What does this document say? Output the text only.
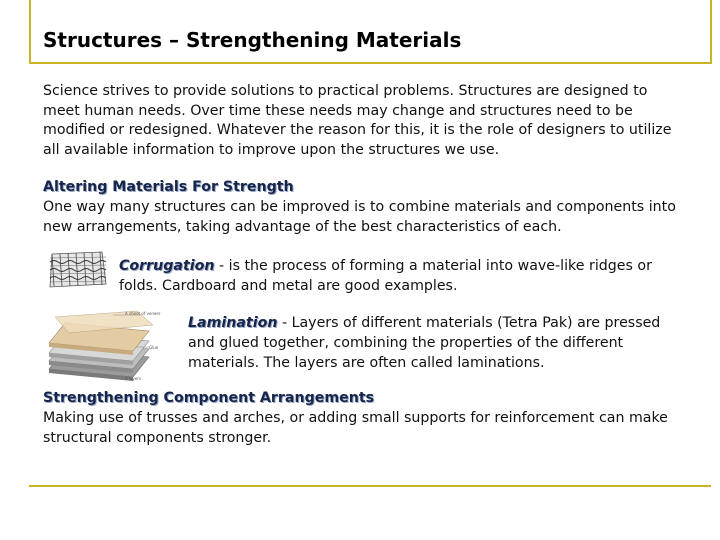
Structures – Strengthening Materials
Science strives to provide solutions to practical problems. Structures are designed to meet human needs. Over time these needs may change and structures need to be modified or redesigned. Whatever the reason for this, it is the role of designers to utilize all available information to improve upon the structures we use.
Altering Materials For Strength
One way many structures can be improved is to combine materials and components into new arrangements, taking advantage of the best characteristics of each.
Corrugation - is the process of forming a material into wave-like ridges or folds. Cardboard and metal are good examples.
A sheet of veneer
Glue
3 layers
Lamination - Layers of different materials (Tetra Pak) are pressed and glued together, combining the properties of the different materials. The layers are often called laminations.
Strengthening Component Arrangements
Making use of trusses and arches, or adding small supports for reinforcement can make structural components stronger.
